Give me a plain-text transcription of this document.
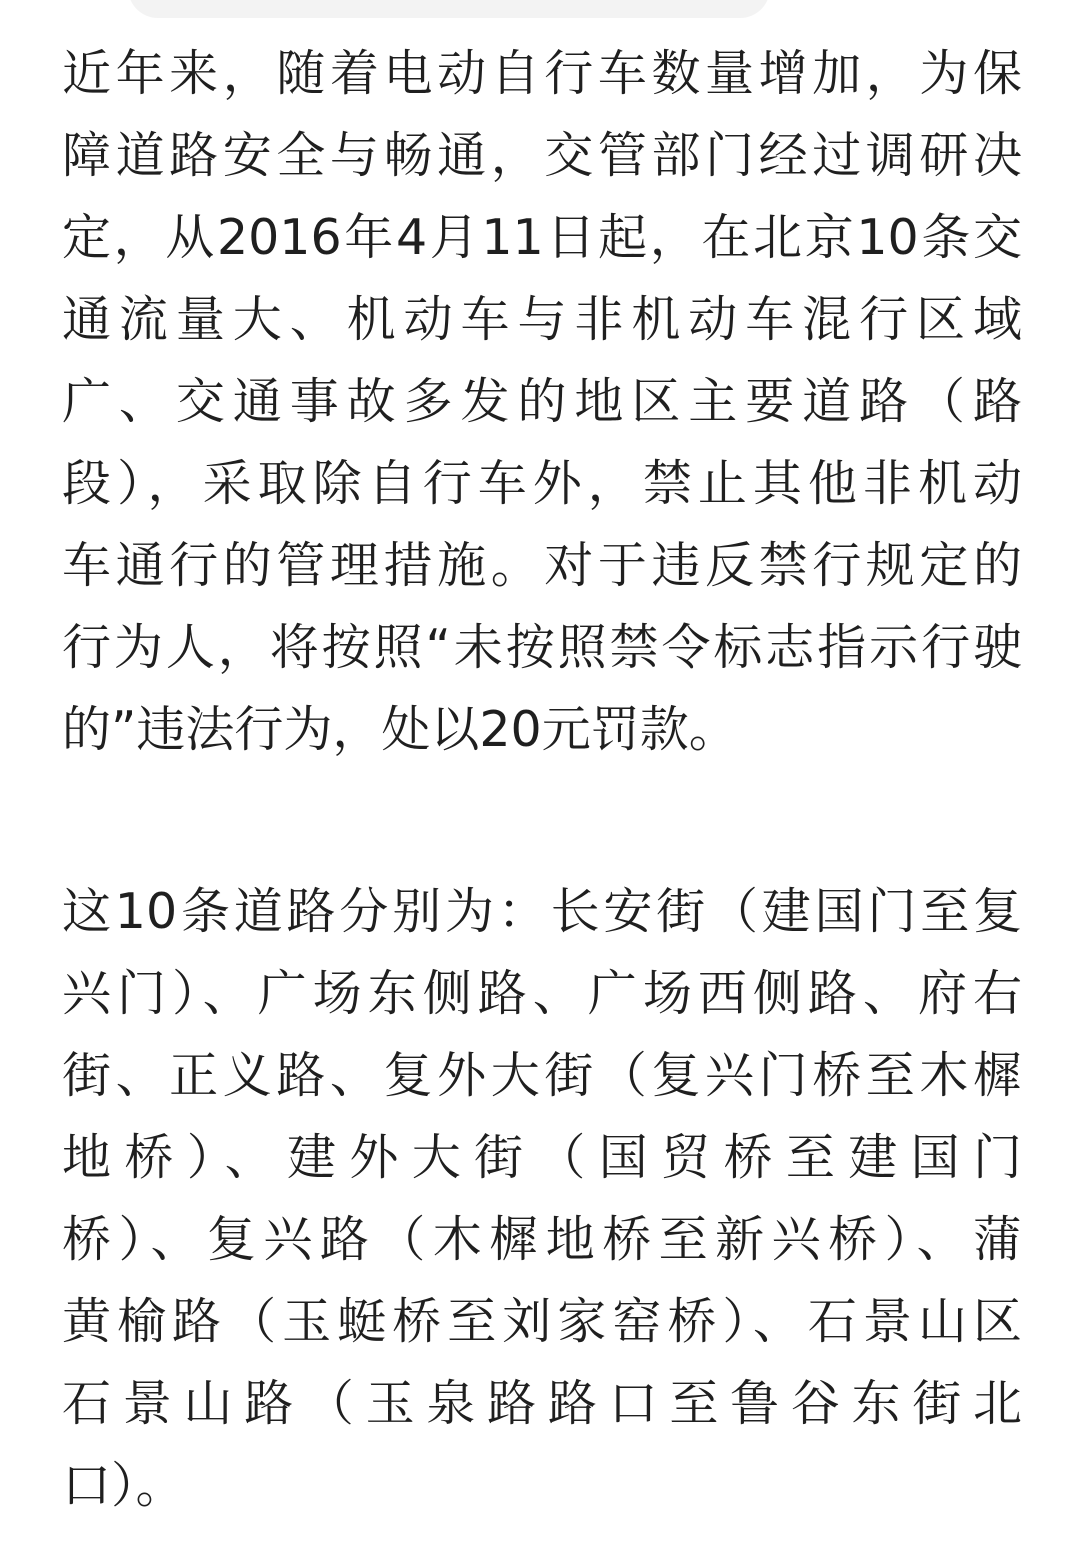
近年来，随着电动自行车数量增加，为保
障道路安全与畅通，交管部门经过调研决
定，从2016年4月11日起，在北京10条交
通流量大、机动车与非机动车混行区域
广、交通事故多发的地区主要道路（路
段），采取除自行车外，禁止其他非机动
车通行的管理措施。对于违反禁行规定的
行为人，将按照“未按照禁令标志指示行驶
的”违法行为，处以20元罚款。
这10条道路分别为：长安街（建国门至复
兴门）、广场东侧路、广场西侧路、府右
街、正义路、复外大街（复兴门桥至木樨
地桥）、建外大街（国贸桥至建国门
桥）、复兴路（木樨地桥至新兴桥）、蒲
黄榆路（玉蜓桥至刘家窑桥）、石景山区
石景山路（玉泉路路口至鲁谷东街北
口）。
